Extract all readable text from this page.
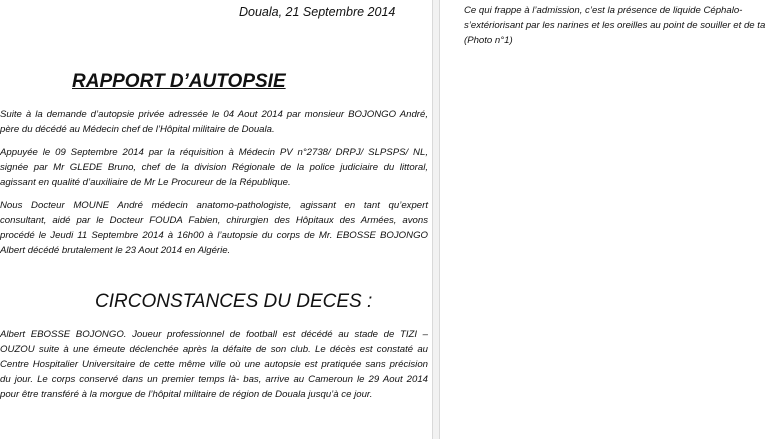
Douala, 21 Septembre 2014
RAPPORT D’AUTOPSIE
Suite à la demande d’autopsie privée adressée le 04 Aout 2014 par monsieur BOJONGO André,
père du décédé au Médecin chef de l’Hôpital militaire de Douala.
Appuyée le 09 Septembre 2014 par la réquisition à Médecin PV n°2738/ DRPJ/ SLPSPS/ NL,
signée par Mr GLEDE Bruno, chef de la division Régionale de la police judiciaire du littoral,
agissant en qualité d’auxiliaire de Mr Le Procureur de la République.
Nous Docteur MOUNE André médecin anatomo-pathologiste, agissant en tant qu’expert
consultant, aidé par le Docteur FOUDA Fabien, chirurgien des Hôpitaux des Armées, avons
procédé le Jeudi 11 Septembre 2014 à 16h00 à l’autopsie du corps de Mr. EBOSSE BOJONGO
Albert décédé brutalement le 23 Aout 2014 en Algérie.
CIRCONSTANCES DU DECES :
Albert EBOSSE BOJONGO. Joueur professionnel de football est décédé au stade de TIZI –
OUZOU suite à une émeute déclenchée après la défaite de son club. Le décès est constaté au
Centre Hospitalier Universitaire de cette même ville où une autopsie est pratiquée sans précision
du jour. Le corps conservé dans un premier temps là- bas, arrive au Cameroun le 29 Aout 2014
pour être transféré à la morgue de l’hôpital militaire de région de Douala jusqu’à ce jour.
Ce qui frappe à l’admission, c’est la présence de liquide Céphalo-
s’extériorisant par les narines et les oreilles au point de souiller et de ta
(Photo n°1)
